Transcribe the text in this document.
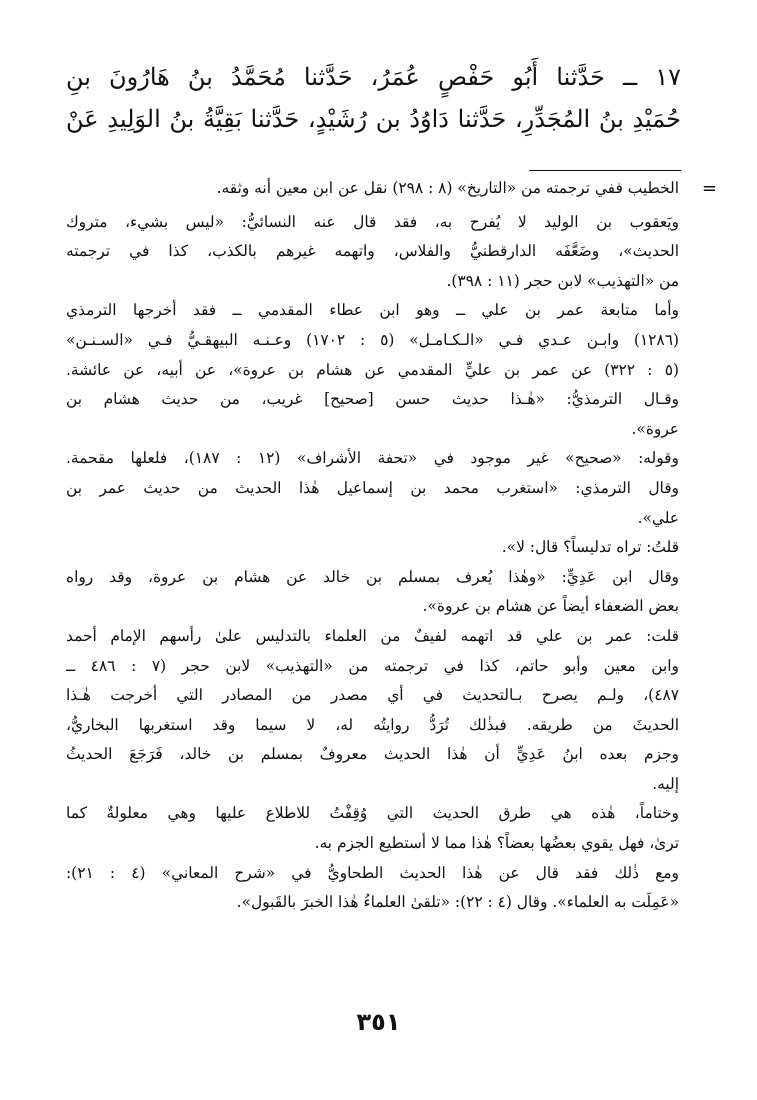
١٧ ــ حَدَّثنا أَبُو حَفْصٍ عُمَرُ، حَدَّثنا مُحَمَّدُ بنُ هَارُونَ بنِ

حُمَيْدِ بنُ المُجَدِّرِ، حَدَّثنا دَاوُدُ بن رُشَيْدٍ، حَدَّثنا بَقِيَّةُ بنُ الوَلِيدِ عَنْ

=

الخطيب ففي ترجمته من «التاريخ» (٨ : ٢٩٨) نقل عن ابن معين أنه وثقه.

ويَعقوب بن الوليد لا يُفرح به، فقد قال عنه النسائيُّ: «ليس بشيء، متروك

الحديث»، وضَعَّفَه الدارقطنيُّ والفلاس، واتهمه غيرهم بالكذب، كذا في ترجمته

من «التهذيب» لابن حجر (١١ : ٣٩٨).

وأما متابعة عمر بن علي ــ وهو ابن عطاء المقدمي ــ فقد أخرجها الترمذي

(١٢٨٦) وابـن عـدي فـي «الـكـامـل» (٥ : ١٧٠٢) وعـنـه البيهقـيُّ فـي «السـنـن»

(٥ : ٣٢٢) عن عمر بن عليٍّ المقدمي عن هشام بن عروة»، عن أبيه، عن عائشة.

وقـال الترمذيُّ: «هٰـذا حديث حسن [صحيح] غريب، من حديث هشام بن

عروة».

وقوله: «صحيح» غير موجود في «تحفة الأشراف» (١٢ : ١٨٧)، فلعلها مقحمة.

وقال الترمذي: «استغرب محمد بن إسماعيل هٰذا الحديث من حديث عمر بن

علي».

قلتُ: تراه تدليساً؟ قال: لا».

وقال ابن عَدِيٍّ: «وهٰذا يُعرف بمسلم بن خالد عن هشام بن عروة، وقد رواه

بعض الضعفاء أيضاً عن هشام بن عروة».

قلت: عمر بن علي قد اتهمه لفيفٌ من العلماء بالتدليس علىٰ رأسهم الإمام أحمد

وابن معين وأبو حاتم، كذا في ترجمته من «التهذيب» لابن حجر (٧ : ٤٨٦ ــ

٤٨٧)، ولـم يصرح بـالتحديث في أي مصدر من المصادر التي أخرجت هٰـذا

الحديثَ من طريقه. فبذٰلك تُرَدُّ روايتُه له، لا سيما وقد استغربها البخاريُّ،

وجزم بعده ابنُ عَدِيٍّ أن هٰذا الحديث معروفٌ بمسلم بن خالد، فَرَجَعَ الحديثُ

إليه.

وختاماً، هٰذه هي طرق الحديث التي وُقِفْتُ للاطلاع عليها وهي معلولةٌ كما

ترىٰ، فهل يقوي بعضُها بعضاً؟ هٰذا مما لا أستطيع الجزم به.

ومع ذٰلك فقد قال عن هٰذا الحديث الطحاويُّ في «شرح المعاني» (٤ : ٢١):

«عَمِلَت به العلماء». وقال (٤ : ٢٢): «تلقىٰ العلماءُ هٰذا الخبرَ بالقَبول».

٣٥١
